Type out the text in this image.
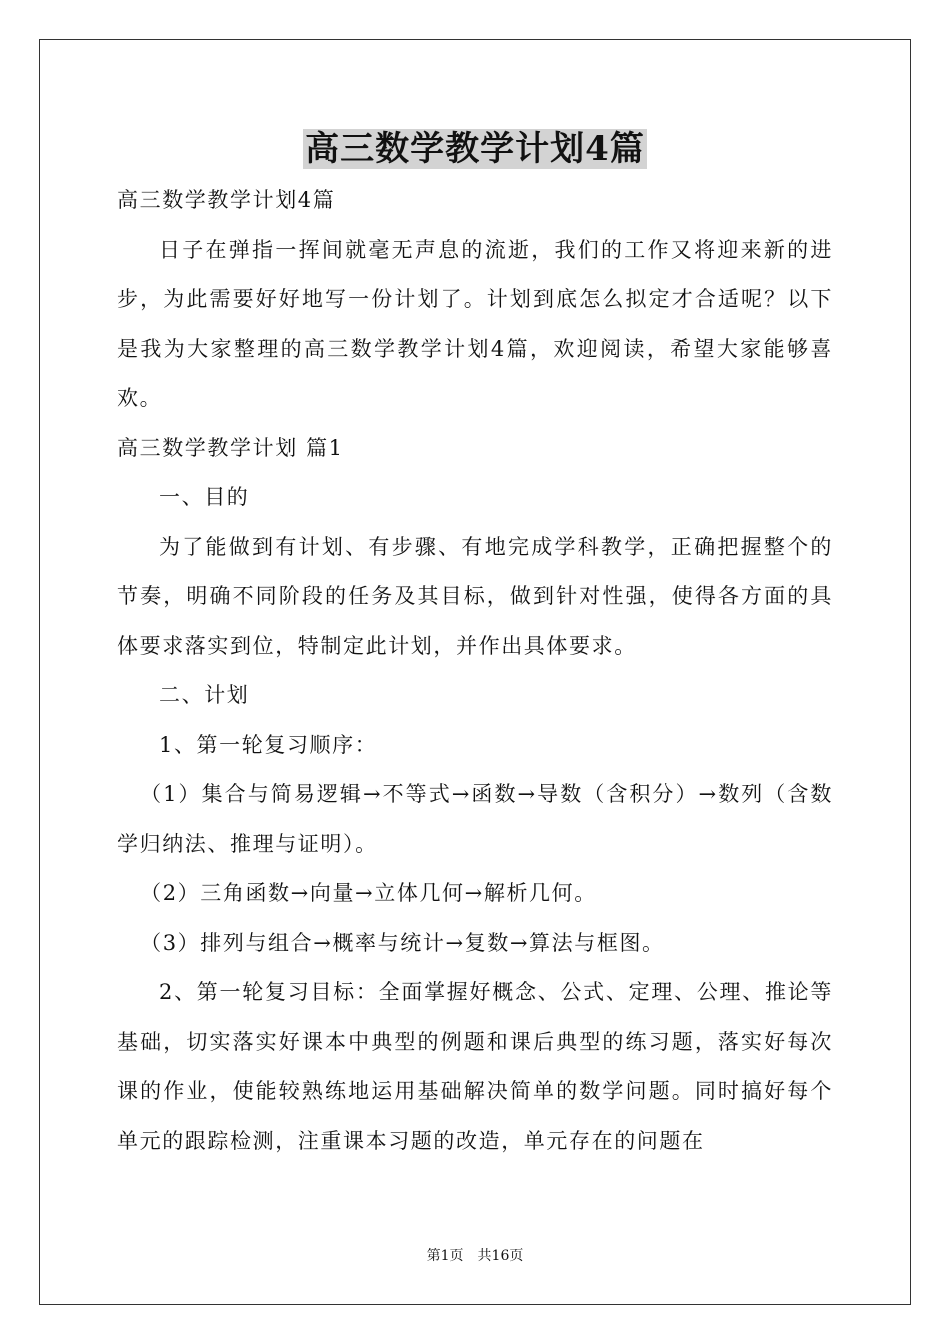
高三数学教学计划4篇

高三数学教学计划4篇

日子在弹指一挥间就毫无声息的流逝，我们的工作又将迎来新的进步，为此需要好好地写一份计划了。计划到底怎么拟定才合适呢？以下是我为大家整理的高三数学教学计划4篇，欢迎阅读，希望大家能够喜欢。

高三数学教学计划 篇1

一、目的

为了能做到有计划、有步骤、有地完成学科教学，正确把握整个的节奏，明确不同阶段的任务及其目标，做到针对性强，使得各方面的具体要求落实到位，特制定此计划，并作出具体要求。

二、计划

1、第一轮复习顺序：

（1）集合与简易逻辑→不等式→函数→导数（含积分）→数列（含数学归纳法、推理与证明）。

（2）三角函数→向量→立体几何→解析几何。

（3）排列与组合→概率与统计→复数→算法与框图。

2、第一轮复习目标：全面掌握好概念、公式、定理、公理、推论等基础，切实落实好课本中典型的例题和课后典型的练习题，落实好每次课的作业，使能较熟练地运用基础解决简单的数学问题。同时搞好每个单元的跟踪检测，注重课本习题的改造，单元存在的问题在

第1页 共16页
